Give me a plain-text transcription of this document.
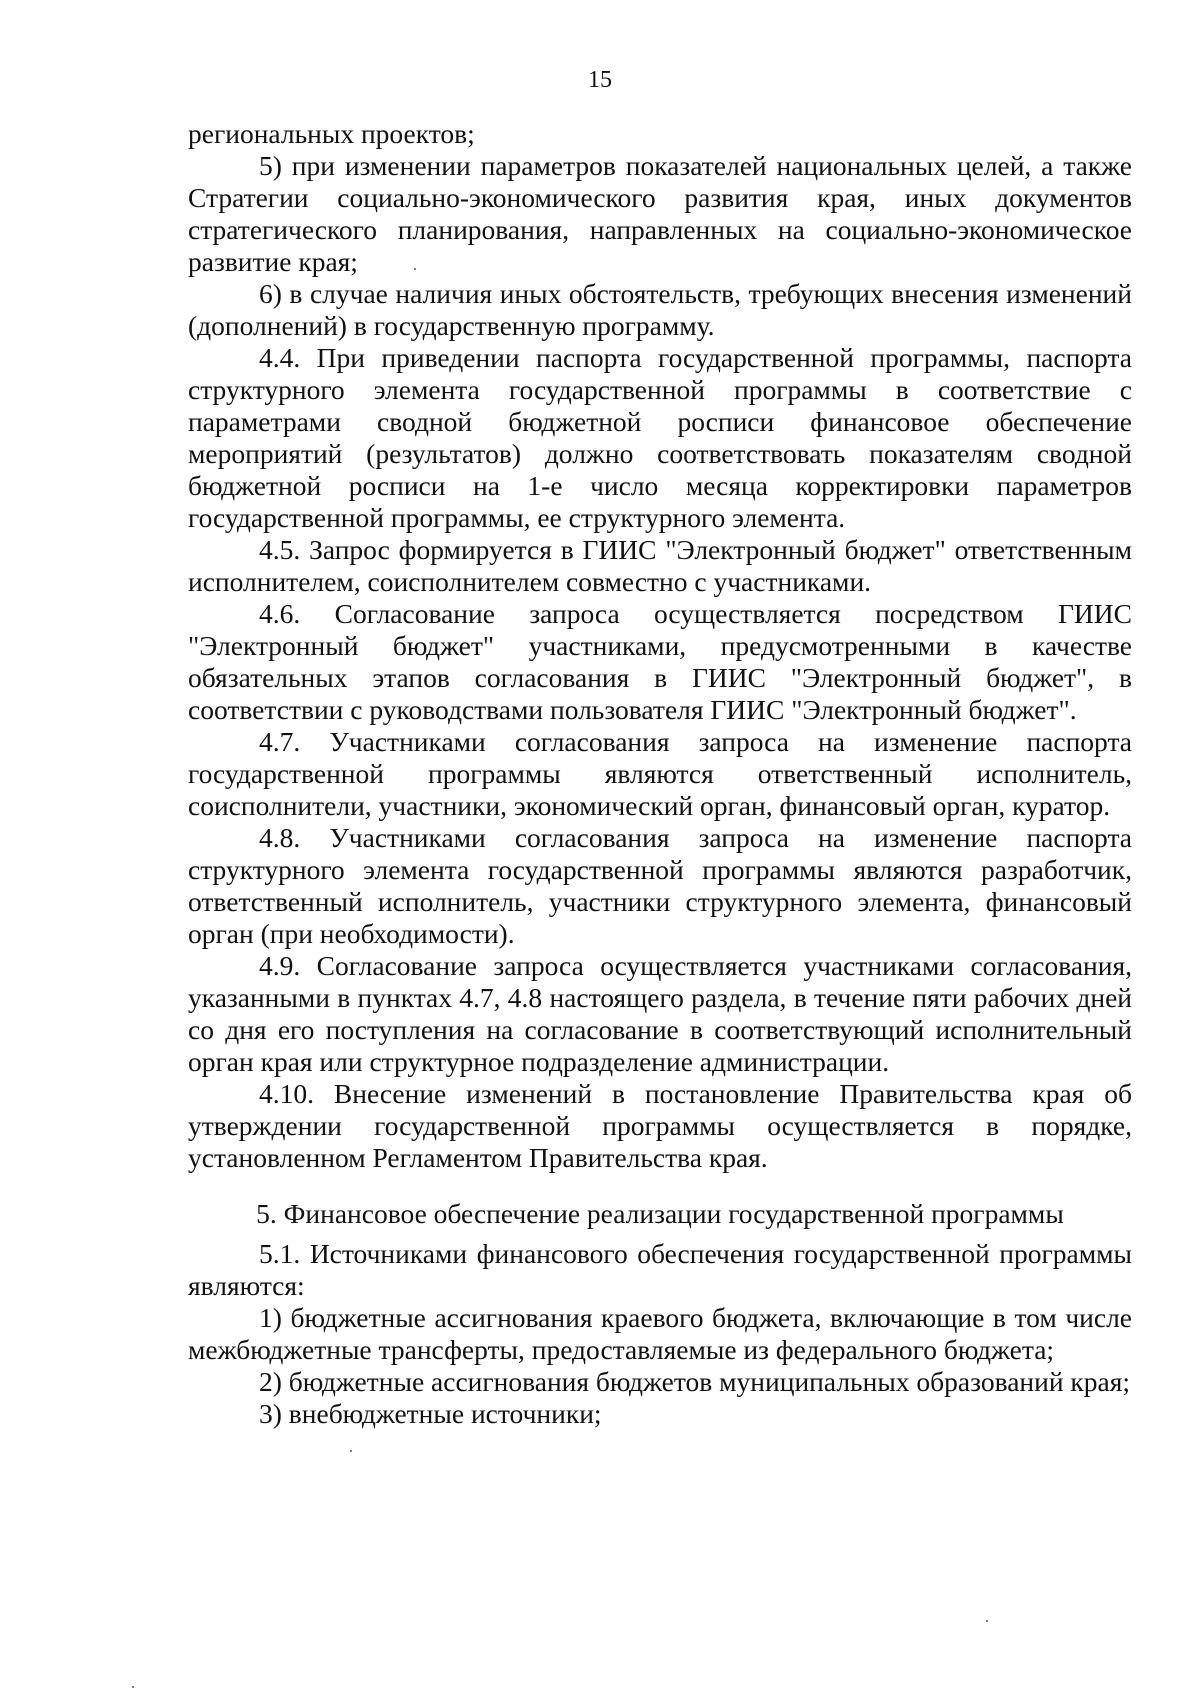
15

региональных проектов;

5) при изменении параметров показателей национальных целей, а также Стратегии социально-экономического развития края, иных документов стратегического планирования, направленных на социально-экономическое развитие края;

6) в случае наличия иных обстоятельств, требующих внесения изменений (дополнений) в государственную программу.

4.4. При приведении паспорта государственной программы, паспорта структурного элемента государственной программы в соответствие с параметрами сводной бюджетной росписи финансовое обеспечение мероприятий (результатов) должно соответствовать показателям сводной бюджетной росписи на 1-е число месяца корректировки параметров государственной программы, ее структурного элемента.

4.5. Запрос формируется в ГИИС "Электронный бюджет" ответственным исполнителем, соисполнителем совместно с участниками.

4.6. Согласование запроса осуществляется посредством ГИИС "Электронный бюджет" участниками, предусмотренными в качестве обязательных этапов согласования в ГИИС "Электронный бюджет", в соответствии с руководствами пользователя ГИИС "Электронный бюджет".

4.7. Участниками согласования запроса на изменение паспорта государственной программы являются ответственный исполнитель, соисполнители, участники, экономический орган, финансовый орган, куратор.

4.8. Участниками согласования запроса на изменение паспорта структурного элемента государственной программы являются разработчик, ответственный исполнитель, участники структурного элемента, финансовый орган (при необходимости).

4.9. Согласование запроса осуществляется участниками согласования, указанными в пунктах 4.7, 4.8 настоящего раздела, в течение пяти рабочих дней со дня его поступления на согласование в соответствующий исполнительный орган края или структурное подразделение администрации.

4.10. Внесение изменений в постановление Правительства края об утверждении государственной программы осуществляется в порядке, установленном Регламентом Правительства края.

5. Финансовое обеспечение реализации государственной программы

5.1. Источниками финансового обеспечения государственной программы являются:

1) бюджетные ассигнования краевого бюджета, включающие в том числе межбюджетные трансферты, предоставляемые из федерального бюджета;

2) бюджетные ассигнования бюджетов муниципальных образований края;

3) внебюджетные источники;
